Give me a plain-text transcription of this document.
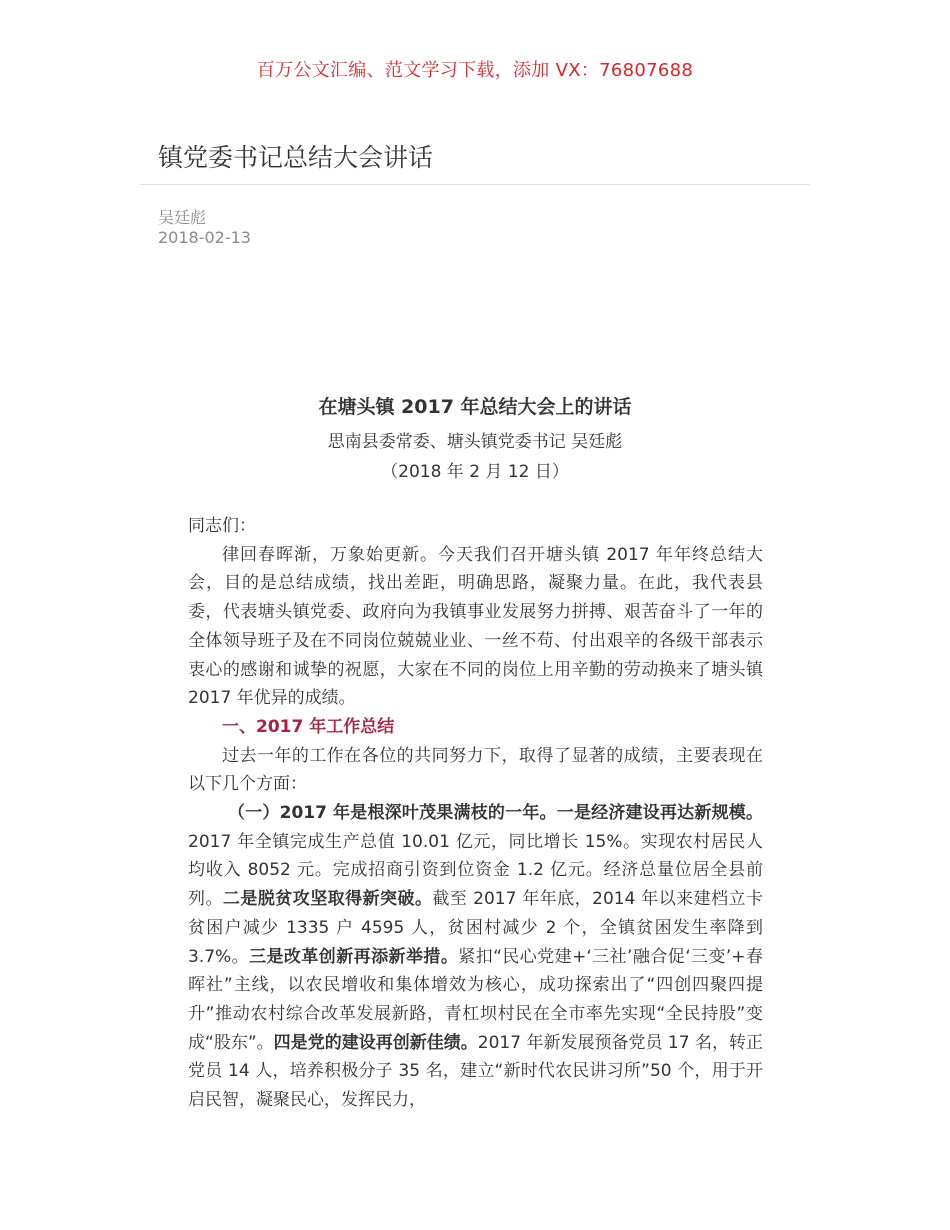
百万公文汇编、范文学习下载，添加 VX：76807688
镇党委书记总结大会讲话
吴廷彪
2018-02-13
在塘头镇 2017 年总结大会上的讲话
思南县委常委、塘头镇党委书记 吴廷彪
（2018 年 2 月 12 日）

同志们：

律回春晖渐，万象始更新。今天我们召开塘头镇 2017 年年终总结大会，目的是总结成绩，找出差距，明确思路，凝聚力量。在此，我代表县委，代表塘头镇党委、政府向为我镇事业发展努力拼搏、艰苦奋斗了一年的全体领导班子及在不同岗位兢兢业业、一丝不苟、付出艰辛的各级干部表示衷心的感谢和诚挚的祝愿，大家在不同的岗位上用辛勤的劳动换来了塘头镇 2017 年优异的成绩。

一、2017 年工作总结

过去一年的工作在各位的共同努力下，取得了显著的成绩，主要表现在以下几个方面：

（一）2017 年是根深叶茂果满枝的一年。一是经济建设再达新规模。2017 年全镇完成生产总值 10.01 亿元，同比增长 15%。实现农村居民人均收入 8052 元。完成招商引资到位资金 1.2 亿元。经济总量位居全县前列。二是脱贫攻坚取得新突破。截至 2017 年年底，2014 年以来建档立卡贫困户减少 1335 户 4595 人，贫困村减少 2 个，全镇贫困发生率降到 3.7%。三是改革创新再添新举措。紧扣“民心党建+‘三社’融合促‘三变’+春晖社”主线，以农民增收和集体增效为核心，成功探索出了“四创四聚四提升”推动农村综合改革发展新路，青杠坝村民在全市率先实现“全民持股”变成“股东”。四是党的建设再创新佳绩。2017 年新发展预备党员 17 名，转正党员 14 人，培养积极分子 35 名，建立“新时代农民讲习所”50 个，用于开启民智，凝聚民心，发挥民力，
